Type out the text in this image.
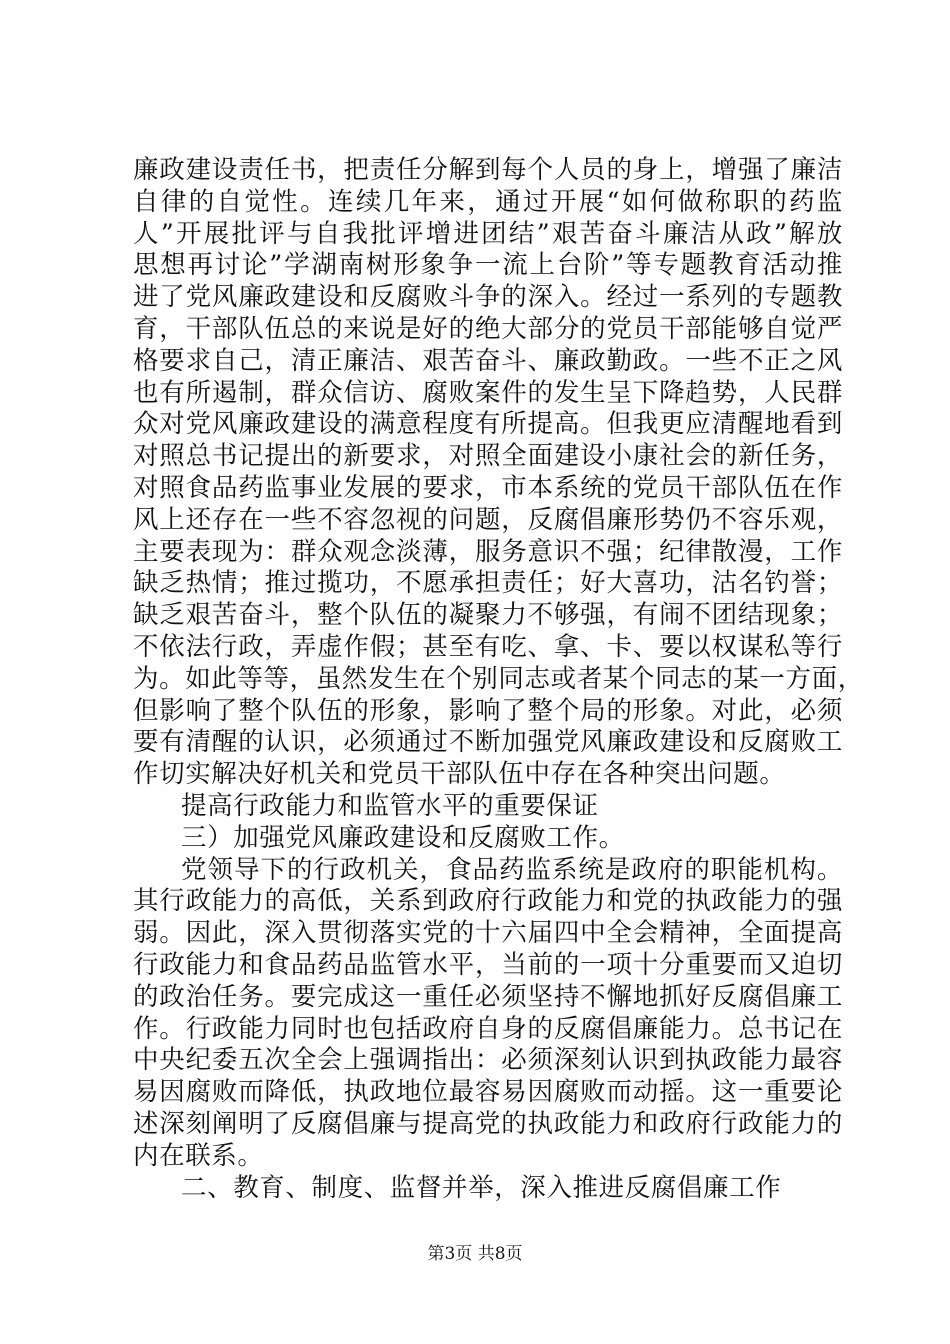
廉政建设责任书，把责任分解到每个人员的身上，增强了廉洁
自律的自觉性。连续几年来，通过开展“如何做称职的药监
人”开展批评与自我批评增进团结”艰苦奋斗廉洁从政”解放
思想再讨论”学湖南树形象争一流上台阶”等专题教育活动推
进了党风廉政建设和反腐败斗争的深入。经过一系列的专题教
育，干部队伍总的来说是好的绝大部分的党员干部能够自觉严
格要求自己，清正廉洁、艰苦奋斗、廉政勤政。一些不正之风
也有所遏制，群众信访、腐败案件的发生呈下降趋势，人民群
众对党风廉政建设的满意程度有所提高。但我更应清醒地看到
对照总书记提出的新要求，对照全面建设小康社会的新任务，
对照食品药监事业发展的要求，市本系统的党员干部队伍在作
风上还存在一些不容忽视的问题，反腐倡廉形势仍不容乐观，
主要表现为：群众观念淡薄，服务意识不强；纪律散漫，工作
缺乏热情；推过揽功，不愿承担责任；好大喜功，沽名钓誉；
缺乏艰苦奋斗，整个队伍的凝聚力不够强，有闹不团结现象；
不依法行政，弄虚作假；甚至有吃、拿、卡、要以权谋私等行
为。如此等等，虽然发生在个别同志或者某个同志的某一方面，
但影响了整个队伍的形象，影响了整个局的形象。对此，必须
要有清醒的认识，必须通过不断加强党风廉政建设和反腐败工
作切实解决好机关和党员干部队伍中存在各种突出问题。
提高行政能力和监管水平的重要保证
三）加强党风廉政建设和反腐败工作。
党领导下的行政机关，食品药监系统是政府的职能机构。
其行政能力的高低，关系到政府行政能力和党的执政能力的强
弱。因此，深入贯彻落实党的十六届四中全会精神，全面提高
行政能力和食品药品监管水平，当前的一项十分重要而又迫切
的政治任务。要完成这一重任必须坚持不懈地抓好反腐倡廉工
作。行政能力同时也包括政府自身的反腐倡廉能力。总书记在
中央纪委五次全会上强调指出：必须深刻认识到执政能力最容
易因腐败而降低，执政地位最容易因腐败而动摇。这一重要论
述深刻阐明了反腐倡廉与提高党的执政能力和政府行政能力的
内在联系。
二、教育、制度、监督并举，深入推进反腐倡廉工作
第3页 共8页
